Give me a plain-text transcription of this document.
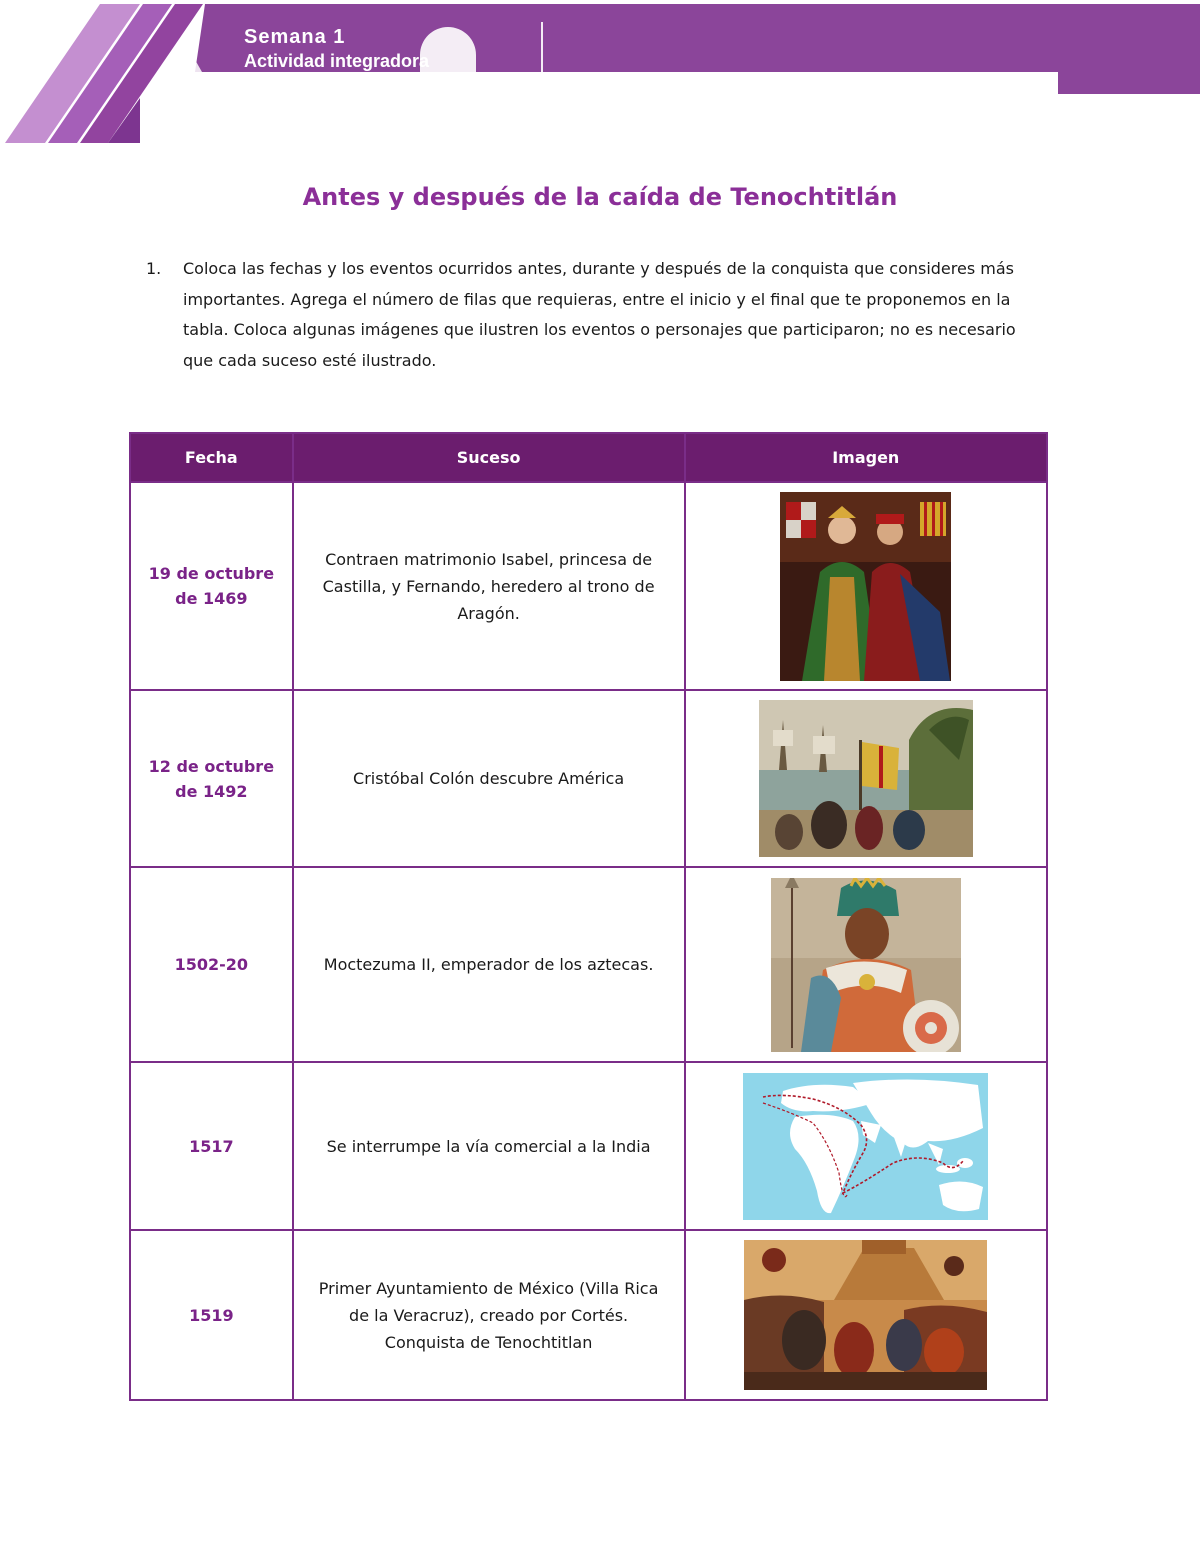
Semana 1
Actividad integradora
Antes y después de la caída de Tenochtitlán
1. Coloca las fechas y los eventos ocurridos antes, durante y después de la conquista que consideres más importantes. Agrega el número de filas que requieras, entre el inicio y el final que te proponemos en la tabla. Coloca algunas imágenes que ilustren los eventos o personajes que participaron; no es necesario que cada suceso esté ilustrado.

Fecha	Suceso	Imagen
19 de octubre de 1469	Contraen matrimonio Isabel, princesa de Castilla, y Fernando, heredero al trono de Aragón.	

12 de octubre de 1492	Cristóbal Colón descubre América	

1502-20	Moctezuma II, emperador de los aztecas.	

1517	Se interrumpe la vía comercial a la India	

1519	Primer Ayuntamiento de México (Villa Rica de la Veracruz), creado por Cortés. Conquista de Tenochtitlan	
